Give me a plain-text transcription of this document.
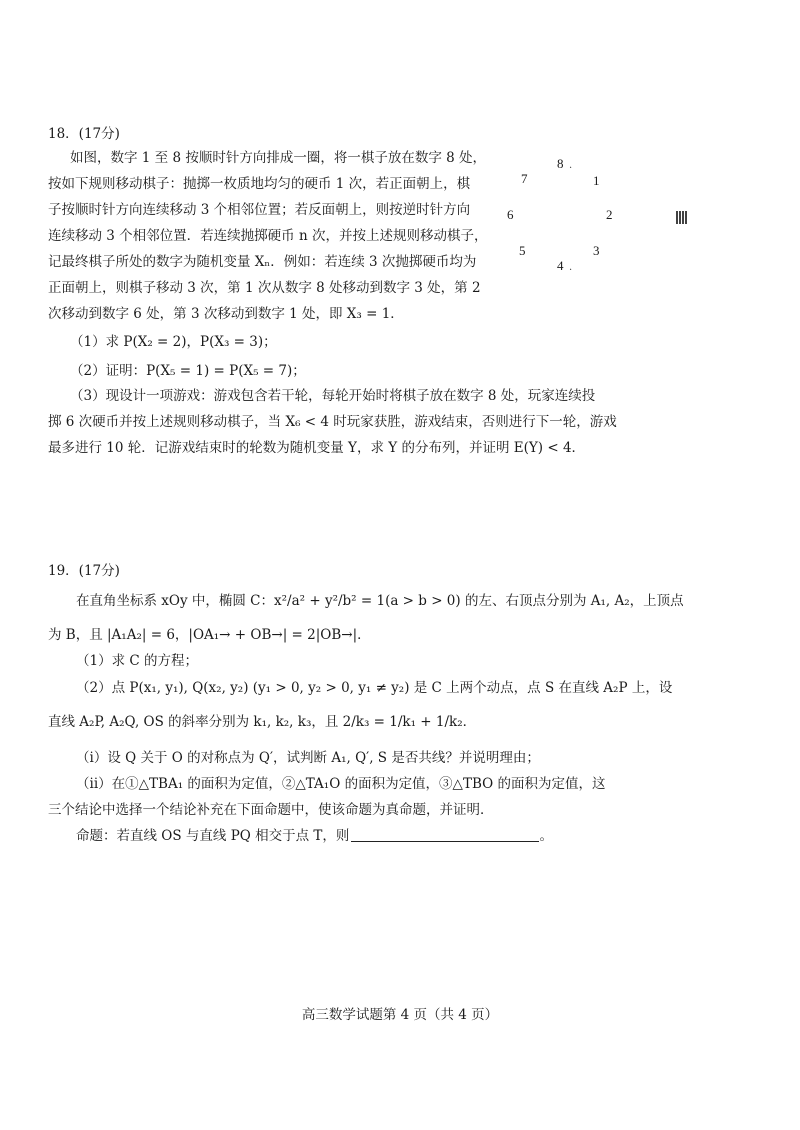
18．(17分)
如图，数字 1 至 8 按顺时针方向排成一圈，将一棋子放在数字 8 处，
按如下规则移动棋子：抛掷一枚质地均匀的硬币 1 次，若正面朝上，棋
子按顺时针方向连续移动 3 个相邻位置；若反面朝上，则按逆时针方向
连续移动 3 个相邻位置．若连续抛掷硬币 n 次，并按上述规则移动棋子，
记最终棋子所处的数字为随机变量 Xₙ．例如：若连续 3 次抛掷硬币均为
正面朝上，则棋子移动 3 次，第 1 次从数字 8 处移动到数字 3 处，第 2
次移动到数字 6 处，第 3 次移动到数字 1 处，即 X₃ = 1．
（1）求 P(X₂ = 2)，P(X₃ = 3)；
（2）证明：P(X₅ = 1) = P(X₅ = 7)；
（3）现设计一项游戏：游戏包含若干轮，每轮开始时将棋子放在数字 8 处，玩家连续投
掷 6 次硬币并按上述规则移动棋子，当 X₆ < 4 时玩家获胜，游戏结束，否则进行下一轮，游戏
最多进行 10 轮．记游戏结束时的轮数为随机变量 Y，求 Y 的分布列，并证明 E(Y) < 4．
8 .
1
2
3
4 .
5
6
7
19．(17分)
在直角坐标系 xOy 中，椭圆 C：x²/a² + y²/b² = 1(a > b > 0) 的左、右顶点分别为 A₁, A₂，上顶点
为 B，且 |A₁A₂| = 6，|OA₁→ + OB→| = 2|OB→|．
（1）求 C 的方程；
（2）点 P(x₁, y₁), Q(x₂, y₂) (y₁ > 0, y₂ > 0, y₁ ≠ y₂) 是 C 上两个动点，点 S 在直线 A₂P 上，设
直线 A₂P, A₂Q, OS 的斜率分别为 k₁, k₂, k₃，且 2/k₃ = 1/k₁ + 1/k₂．
（i）设 Q 关于 O 的对称点为 Q′，试判断 A₁, Q′, S 是否共线？并说明理由；
（ii）在①△TBA₁ 的面积为定值，②△TA₁O 的面积为定值，③△TBO 的面积为定值，这
三个结论中选择一个结论补充在下面命题中，使该命题为真命题，并证明．
命题：若直线 OS 与直线 PQ 相交于点 T，则	。
高三数学试题第 4 页（共 4 页）
